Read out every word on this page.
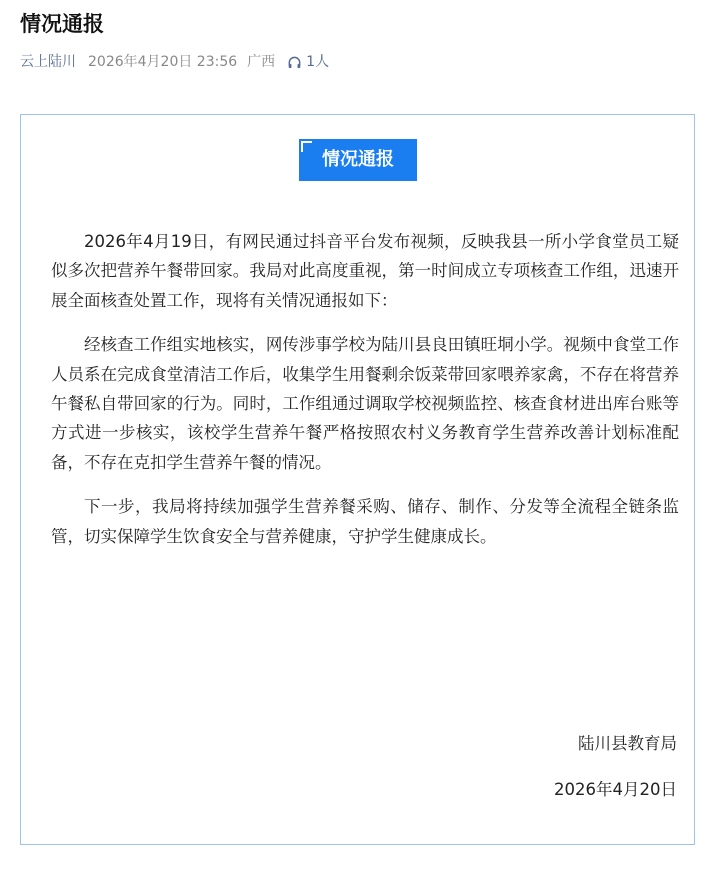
情况通报
云上陆川 2026年4月20日 23:56 广西 1人
情况通报

2026年4月19日，有网民通过抖音平台发布视频，反映我县一所小学食堂员工疑似多次把营养午餐带回家。我局对此高度重视，第一时间成立专项核查工作组，迅速开展全面核查处置工作，现将有关情况通报如下：

经核查工作组实地核实，网传涉事学校为陆川县良田镇旺垌小学。视频中食堂工作人员系在完成食堂清洁工作后，收集学生用餐剩余饭菜带回家喂养家禽，不存在将营养午餐私自带回家的行为。同时，工作组通过调取学校视频监控、核查食材进出库台账等方式进一步核实，该校学生营养午餐严格按照农村义务教育学生营养改善计划标准配备，不存在克扣学生营养午餐的情况。

下一步，我局将持续加强学生营养餐采购、储存、制作、分发等全流程全链条监管，切实保障学生饮食安全与营养健康，守护学生健康成长。

陆川县教育局
2026年4月20日
